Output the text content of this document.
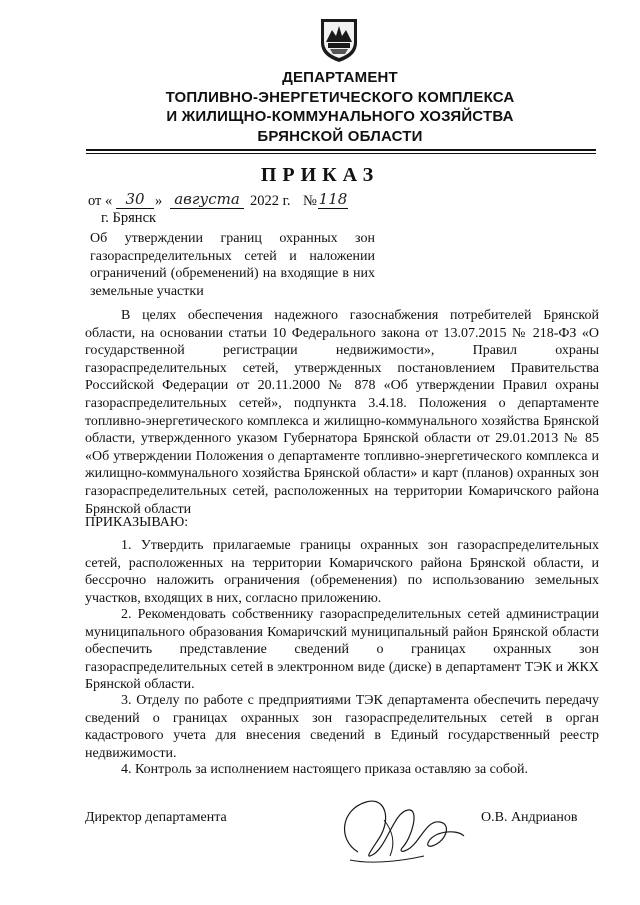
ДЕПАРТАМЕНТ
ТОПЛИВНО-ЭНЕРГЕТИЧЕСКОГО КОМПЛЕКСА
И ЖИЛИЩНО-КОММУНАЛЬНОГО ХОЗЯЙСТВА
БРЯНСКОЙ ОБЛАСТИ
ПРИКАЗ
от « 30 » августа 2022 г. № 118
г. Брянск
Об утверждении границ охранных зон газораспределительных сетей и наложении ограничений (обременений) на входящие в них земельные участки
В целях обеспечения надежного газоснабжения потребителей Брянской области, на основании статьи 10 Федерального закона от 13.07.2015 № 218-ФЗ «О государственной регистрации недвижимости», Правил охраны газораспределительных сетей, утвержденных постановлением Правительства Российской Федерации от 20.11.2000 № 878 «Об утверждении Правил охраны газораспределительных сетей», подпункта 3.4.18. Положения о департаменте топливно-энергетического комплекса и жилищно-коммунального хозяйства Брянской области, утвержденного указом Губернатора Брянской области от 29.01.2013 № 85 «Об утверждении Положения о департаменте топливно-энергетического комплекса и жилищно-коммунального хозяйства Брянской области» и карт (планов) охранных зон газораспределительных сетей, расположенных на территории Комаричского района Брянской области
ПРИКАЗЫВАЮ:
1. Утвердить прилагаемые границы охранных зон газораспределительных сетей, расположенных на территории Комаричского района Брянской области, и бессрочно наложить ограничения (обременения) по использованию земельных участков, входящих в них, согласно приложению.
2. Рекомендовать собственнику газораспределительных сетей администрации муниципального образования Комаричский муниципальный район Брянской области обеспечить представление сведений о границах охранных зон газораспределительных сетей в электронном виде (диске) в департамент ТЭК и ЖКХ Брянской области.
3. Отделу по работе с предприятиями ТЭК департамента обеспечить передачу сведений о границах охранных зон газораспределительных сетей в орган кадастрового учета для внесения сведений в Единый государственный реестр недвижимости.
4. Контроль за исполнением настоящего приказа оставляю за собой.
Директор департамента	О.В. Андрианов
